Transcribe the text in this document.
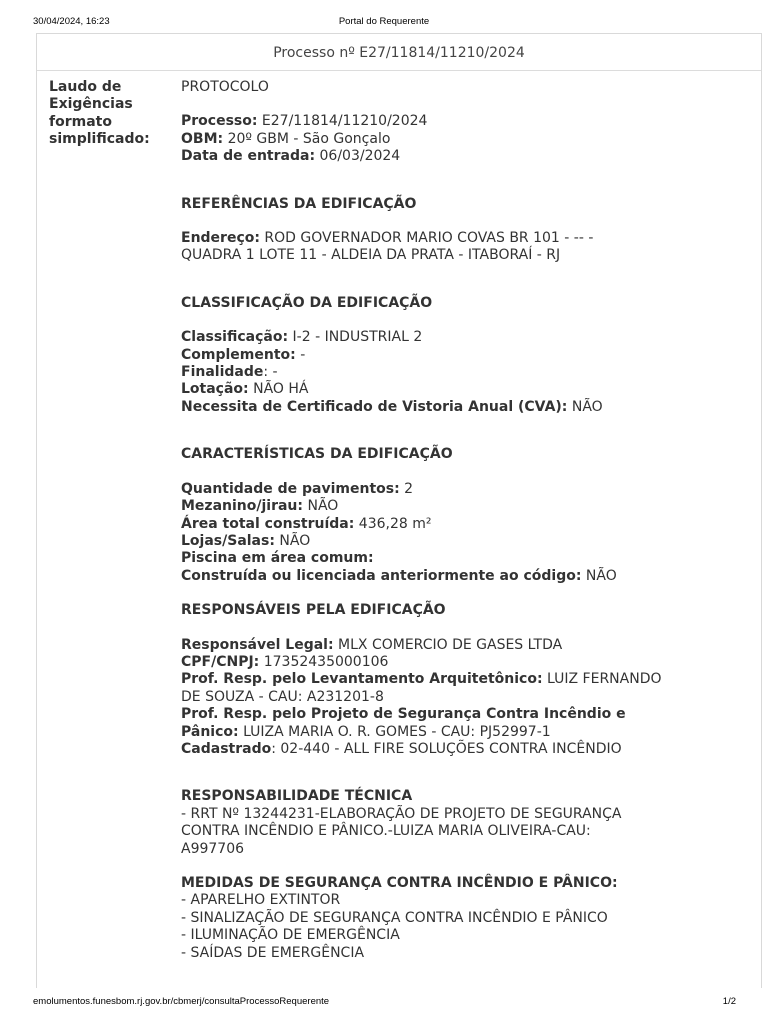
30/04/2024, 16:23	Portal do Requerente
Processo nº E27/11814/11210/2024
Laudo de
Exigências
formato
simplificado:
PROTOCOLO
Processo: E27/11814/11210/2024
OBM: 20º GBM - São Gonçalo
Data de entrada: 06/03/2024
REFERÊNCIAS DA EDIFICAÇÃO
Endereço: ROD GOVERNADOR MARIO COVAS BR 101 - -- -
QUADRA 1 LOTE 11 - ALDEIA DA PRATA - ITABORAÍ - RJ
CLASSIFICAÇÃO DA EDIFICAÇÃO
Classificação: I-2 - INDUSTRIAL 2
Complemento: -
Finalidade: -
Lotação: NÃO HÁ
Necessita de Certificado de Vistoria Anual (CVA): NÃO
CARACTERÍSTICAS DA EDIFICAÇÃO
Quantidade de pavimentos: 2
Mezanino/jirau: NÃO
Área total construída: 436,28 m²
Lojas/Salas: NÃO
Piscina em área comum:
Construída ou licenciada anteriormente ao código: NÃO
RESPONSÁVEIS PELA EDIFICAÇÃO
Responsável Legal: MLX COMERCIO DE GASES LTDA
CPF/CNPJ: 17352435000106
Prof. Resp. pelo Levantamento Arquitetônico: LUIZ FERNANDO
DE SOUZA - CAU: A231201-8
Prof. Resp. pelo Projeto de Segurança Contra Incêndio e
Pânico: LUIZA MARIA O. R. GOMES - CAU: PJ52997-1
Cadastrado: 02-440 - ALL FIRE SOLUÇÕES CONTRA INCÊNDIO
RESPONSABILIDADE TÉCNICA
- RRT Nº 13244231-ELABORAÇÃO DE PROJETO DE SEGURANÇA
CONTRA INCÊNDIO E PÂNICO.-LUIZA MARIA OLIVEIRA-CAU:
A997706
MEDIDAS DE SEGURANÇA CONTRA INCÊNDIO E PÂNICO:
- APARELHO EXTINTOR
- SINALIZAÇÃO DE SEGURANÇA CONTRA INCÊNDIO E PÂNICO
- ILUMINAÇÃO DE EMERGÊNCIA
- SAÍDAS DE EMERGÊNCIA
emolumentos.funesbom.rj.gov.br/cbmerj/consultaProcessoRequerente	1/2
